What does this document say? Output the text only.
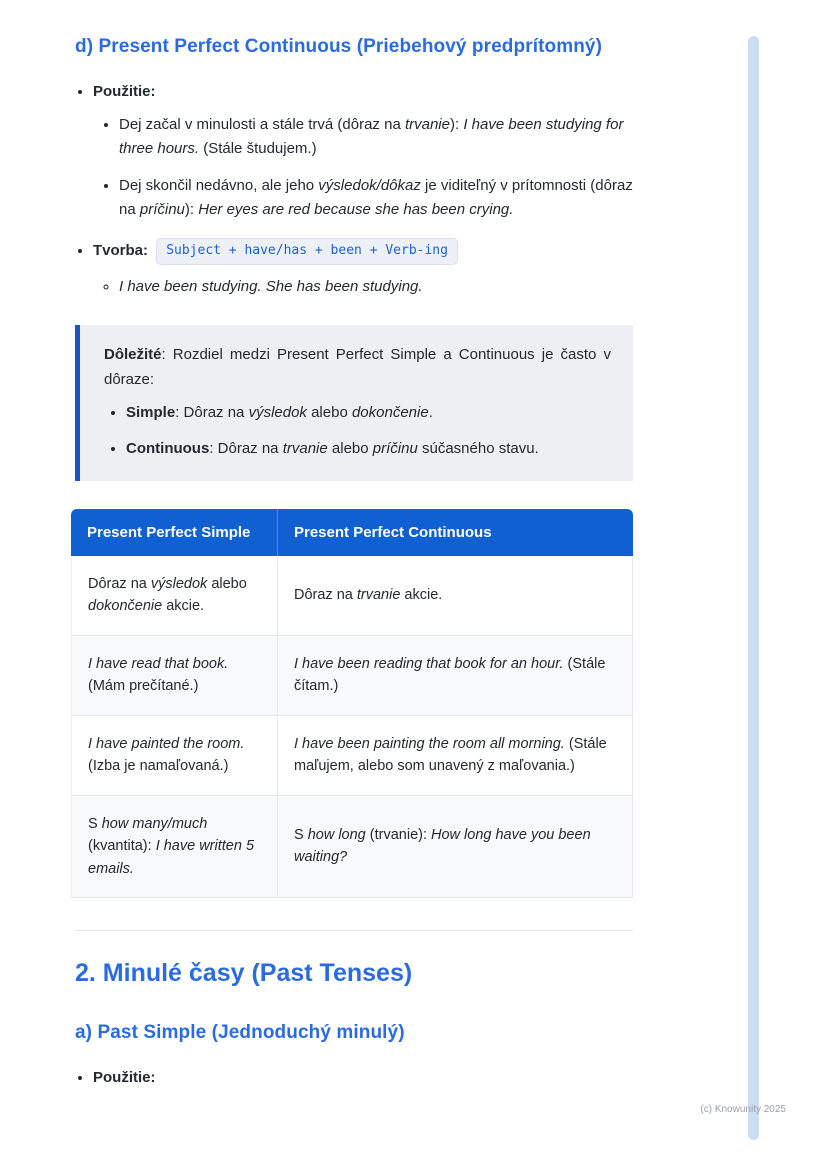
d) Present Perfect Continuous (Priebehový predprítomný)
• Použitie:
• Dej začal v minulosti a stále trvá (dôraz na trvanie): I have been studying for three hours. (Stále študujem.)
• Dej skončil nedávno, ale jeho výsledok/dôkaz je viditeľný v prítomnosti (dôraz na príčinu): Her eyes are red because she has been crying.
• Tvorba: Subject + have/has + been + Verb-ing
◦ I have been studying. She has been studying.

Dôležité: Rozdiel medzi Present Perfect Simple a Continuous je často v dôraze:

• Simple: Dôraz na výsledok alebo dokončenie.
• Continuous: Dôraz na trvanie alebo príčinu súčasného stavu.
Present Perfect Simple	Present Perfect Continuous
Dôraz na výsledok alebo dokončenie akcie.	Dôraz na trvanie akcie.
I have read that book. (Mám prečítané.)	I have been reading that book for an hour. (Stále čítam.)
I have painted the room. (Izba je namaľovaná.)	I have been painting the room all morning. (Stále maľujem, alebo som unavený z maľovania.)
S how many/much (kvantita): I have written 5 emails.	S how long (trvanie): How long have you been waiting?
2. Minulé časy (Past Tenses)
a) Past Simple (Jednoduchý minulý)
• Použitie:
(c) Knowunity 2025
